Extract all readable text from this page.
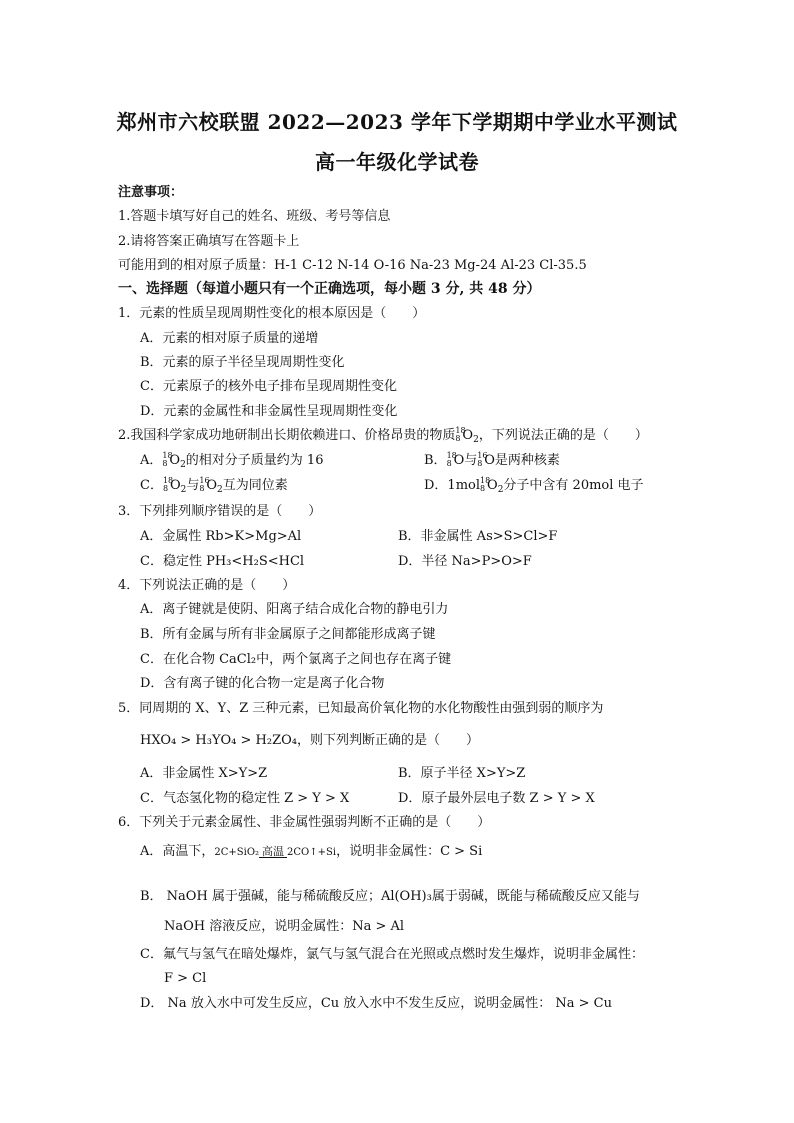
郑州市六校联盟 2022—2023 学年下学期期中学业水平测试
高一年级化学试卷
注意事项：
1.答题卡填写好自己的姓名、班级、考号等信息
2.请将答案正确填写在答题卡上
可能用到的相对原子质量：H-1 C-12 N-14 O-16 Na-23 Mg-24 Al-23 Cl-35.5
一、选择题（每道小题只有一个正确选项，每小题 3 分, 共 48 分）
1．元素的性质呈现周期性变化的根本原因是（　　）
A．元素的相对原子质量的递增
B．元素的原子半径呈现周期性变化
C．元素原子的核外电子排布呈现周期性变化
D．元素的金属性和非金属性呈现周期性变化
2.我国科学家成功地研制出长期依赖进口、价格昂贵的物质 18
8 $O_2$，下列说法正确的是（　　）
A． 18
8 $O_2$的相对分子质量约为 16	B． 18
8 O与 16
8 O是两种核素
C． 18
8 $O_2$与 16
8 $O_2$互为同位素	D．1mol 18
8 $O_2$分子中含有 20mol 电子
3．下列排列顺序错误的是（　　）
A．金属性 Rb>K>Mg>Al	B．非金属性 As>S>Cl>F
C．稳定性 PH₃<H₂S<HCl	D．半径 Na>P>O>F
4．下列说法正确的是（　　）
A．离子键就是使阴、阳离子结合成化合物的静电引力
B．所有金属与所有非金属原子之间都能形成离子键
C．在化合物 CaCl₂中，两个氯离子之间也存在离子键
D．含有离子键的化合物一定是离子化合物
5．同周期的 X、Y、Z 三种元素，已知最高价氧化物的水化物酸性由强到弱的顺序为
HXO₄ > H₃YO₄ > H₂ZO₄，则下列判断正确的是（　　）
A．非金属性 X>Y>Z	B．原子半径 X>Y>Z
C．气态氢化物的稳定性 Z > Y > X	D．原子最外层电子数 Z > Y > X
6．下列关于元素金属性、非金属性强弱判断不正确的是（　　）
A．高温下，2C+SiO₂ 高温 2CO↑+Si，说明非金属性：C > Si
B． NaOH 属于强碱，能与稀硫酸反应；Al(OH)₃属于弱碱，既能与稀硫酸反应又能与
NaOH 溶液反应，说明金属性：Na > Al
C．氟气与氢气在暗处爆炸，氯气与氢气混合在光照或点燃时发生爆炸，说明非金属性：
F > Cl
D． Na 放入水中可发生反应，Cu 放入水中不发生反应，说明金属性： Na > Cu
